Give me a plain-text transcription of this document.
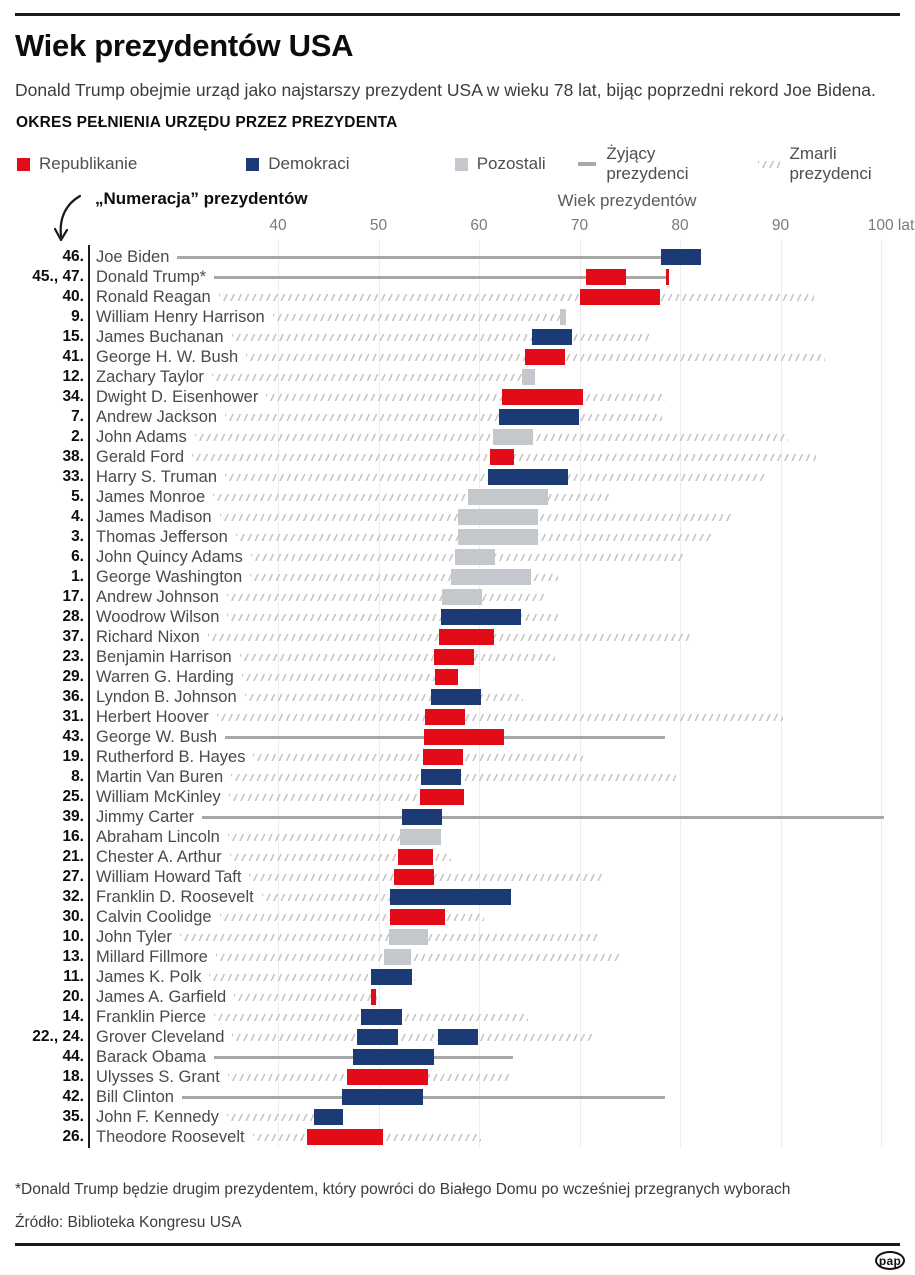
Wiek prezydentów USA
Donald Trump obejmie urząd jako najstarszy prezydent USA w wieku 78 lat, bijąc poprzedni rekord Joe Bidena.
OKRES PEŁNIENIA URZĘDU PRZEZ PREZYDENTA
Republikanie	Demokraci	Pozostali
Żyjący prezydenci
Zmarli prezydenci
„Numeracja” prezydentów	Wiek prezydentów
40	50	60	70	80	90	100 lat
46. Joe Biden
45., 47. Donald Trump*
40. Ronald Reagan
9. William Henry Harrison
15. James Buchanan
41. George H. W. Bush
12. Zachary Taylor
34. Dwight D. Eisenhower
7. Andrew Jackson
2. John Adams
38. Gerald Ford
33. Harry S. Truman
5. James Monroe
4. James Madison
3. Thomas Jefferson
6. John Quincy Adams
1. George Washington
17. Andrew Johnson
28. Woodrow Wilson
37. Richard Nixon
23. Benjamin Harrison
29. Warren G. Harding
36. Lyndon B. Johnson
31. Herbert Hoover
43. George W. Bush
19. Rutherford B. Hayes
8. Martin Van Buren
25. William McKinley
39. Jimmy Carter
16. Abraham Lincoln
21. Chester A. Arthur
27. William Howard Taft
32. Franklin D. Roosevelt
30. Calvin Coolidge
10. John Tyler
13. Millard Fillmore
11. James K. Polk
20. James A. Garfield
14. Franklin Pierce
22., 24. Grover Cleveland
44. Barack Obama
18. Ulysses S. Grant
42. Bill Clinton
35. John F. Kennedy
26. Theodore Roosevelt
*Donald Trump będzie drugim prezydentem, który powróci do Białego Domu po wcześniej przegranych wyborach
Źródło: Biblioteka Kongresu USA
pap
